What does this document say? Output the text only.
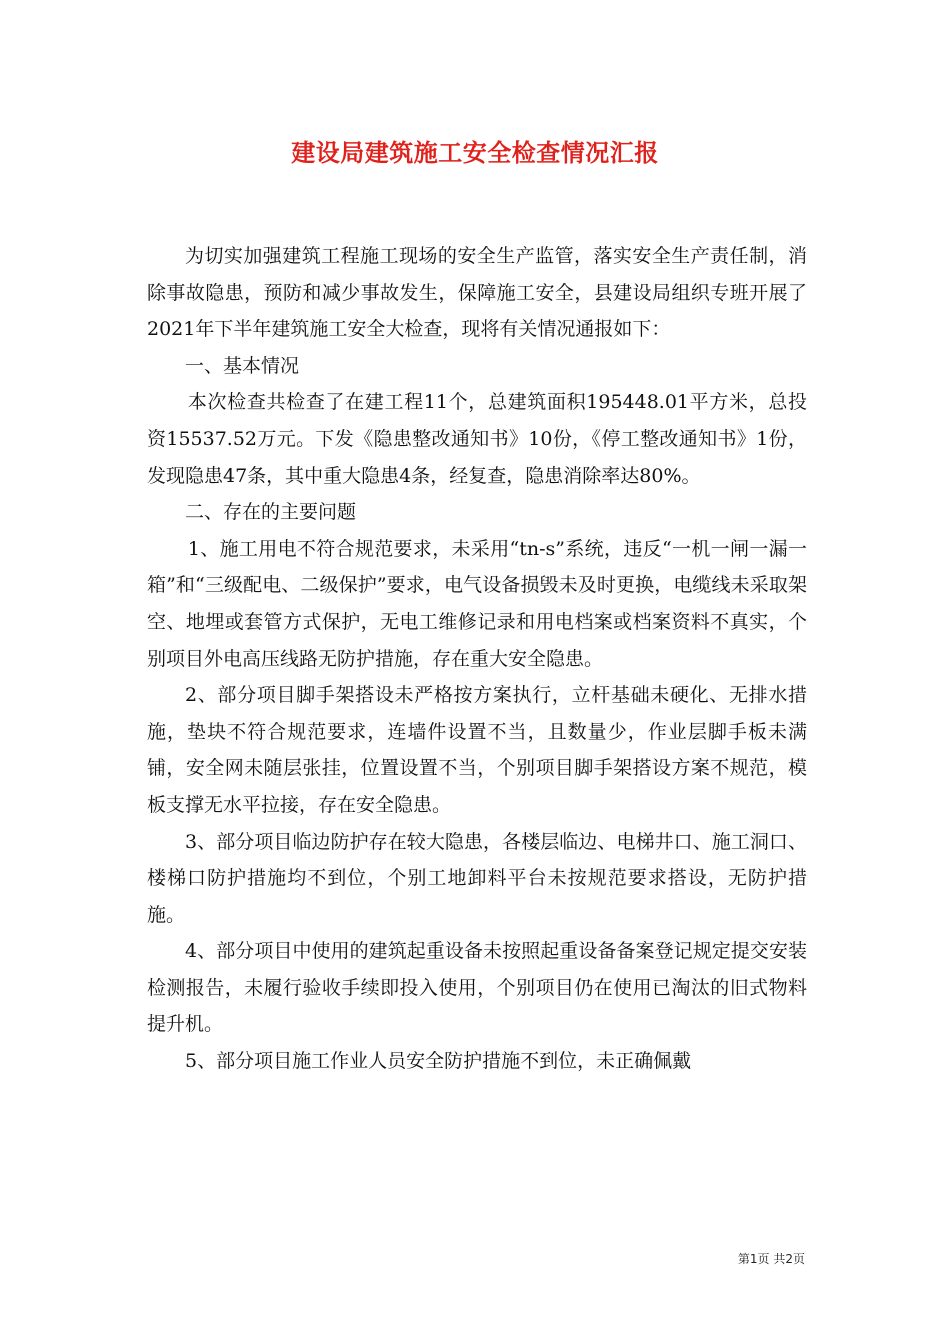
建设局建筑施工安全检查情况汇报

为切实加强建筑工程施工现场的安全生产监管，落实安全生产责任制，消除事故隐患，预防和减少事故发生，保障施工安全，县建设局组织专班开展了2021年下半年建筑施工安全大检查，现将有关情况通报如下：

一、基本情况

本次检查共检查了在建工程11个，总建筑面积195448.01平方米，总投资15537.52万元。下发《隐患整改通知书》10份，《停工整改通知书》1份，发现隐患47条，其中重大隐患4条，经复查，隐患消除率达80%。

二、存在的主要问题

1、施工用电不符合规范要求，未采用“tn-s”系统，违反“一机一闸一漏一箱”和“三级配电、二级保护”要求，电气设备损毁未及时更换，电缆线未采取架空、地埋或套管方式保护，无电工维修记录和用电档案或档案资料不真实，个别项目外电高压线路无防护措施，存在重大安全隐患。

2、部分项目脚手架搭设未严格按方案执行，立杆基础未硬化、无排水措施，垫块不符合规范要求，连墙件设置不当，且数量少，作业层脚手板未满铺，安全网未随层张挂，位置设置不当，个别项目脚手架搭设方案不规范，模板支撑无水平拉接，存在安全隐患。

3、部分项目临边防护存在较大隐患，各楼层临边、电梯井口、施工洞口、楼梯口防护措施均不到位，个别工地卸料平台未按规范要求搭设，无防护措施。

4、部分项目中使用的建筑起重设备未按照起重设备备案登记规定提交安装检测报告，未履行验收手续即投入使用，个别项目仍在使用已淘汰的旧式物料提升机。

5、部分项目施工作业人员安全防护措施不到位，未正确佩戴

第1页 共2页
